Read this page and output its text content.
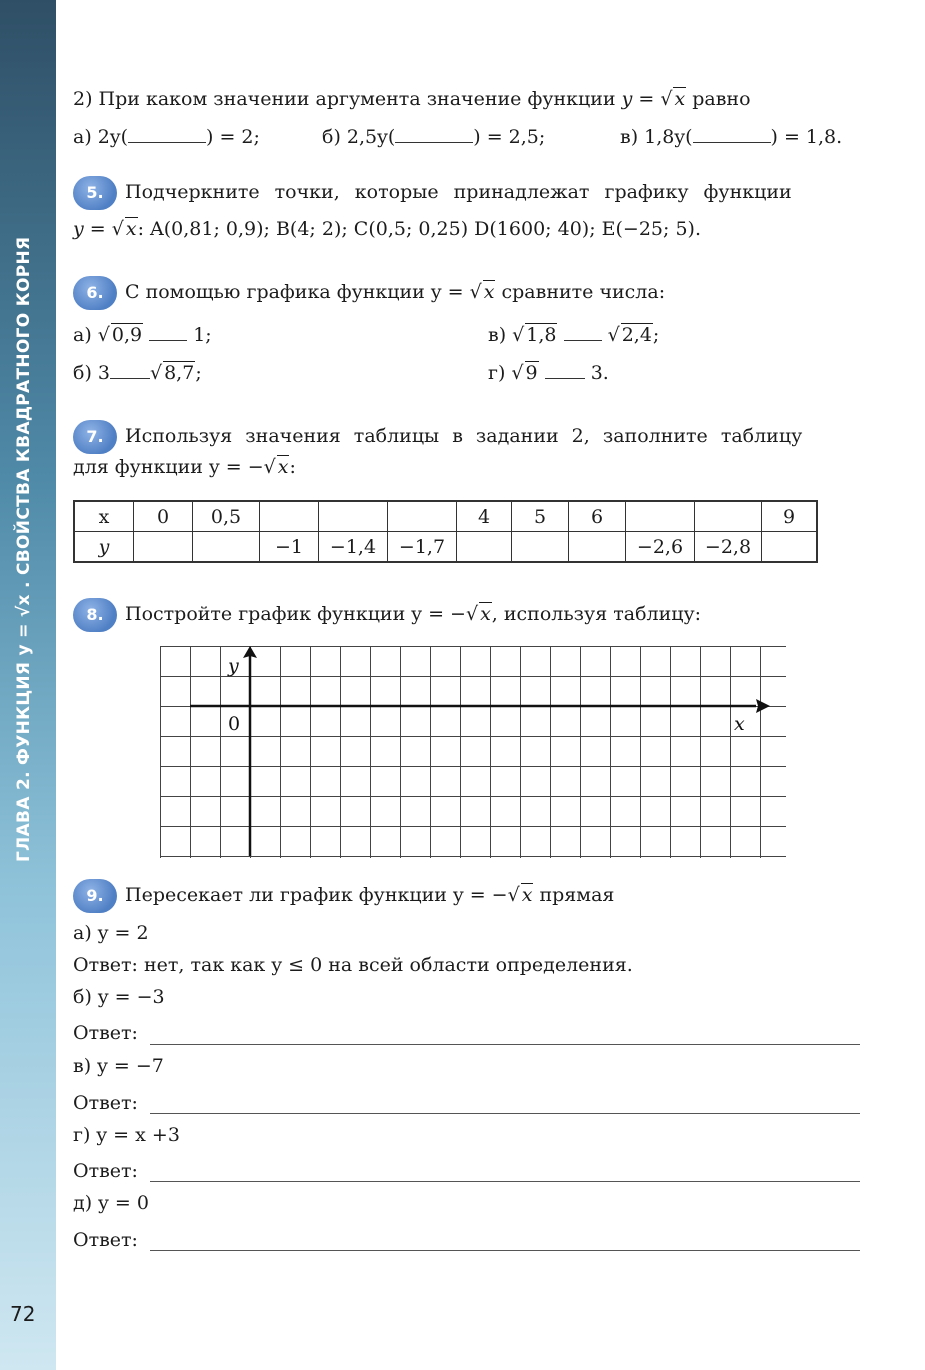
ГЛАВА 2. ФУНКЦИЯ y = √x . СВОЙСТВА КВАДРАТНОГО КОРНЯ
72
2) При каком значении аргумента значение функции y = √ x равно
а) 2y(	) = 2;	б) 2,5y(	) = 2,5;	в) 1,8y(	) = 1,8.
5.	Подчеркните точки, которые принадлежат графику функции
y = √ x: A(0,81; 0,9); B(4; 2); C(0,5; 0,25) D(1600; 40); E(−25; 5).
6.	С помощью графика функции y = √ x сравните числа:
а) √ 0,9  1;
б) 3 √ 8,7;
в) √ 1,8  √ 2,4;
г) √ 9  3.
7.	Используя значения таблицы в задании 2, заполните таблицу
для функции y = −√ x:
x	0	0,5				4	5	6			9
y			−1	−1,4	−1,7				−2,6	−2,8	
8.	Постройте график функции y = −√ x, используя таблицу:
y
x
0
9.	Пересекает ли график функции y = −√ x прямая
а) y = 2
Ответ: нет, так как y ≤ 0 на всей области определения.
б) y = −3
Ответ:
в) y = −7
Ответ:
г) y = x +3
Ответ:
д) y = 0
Ответ:
